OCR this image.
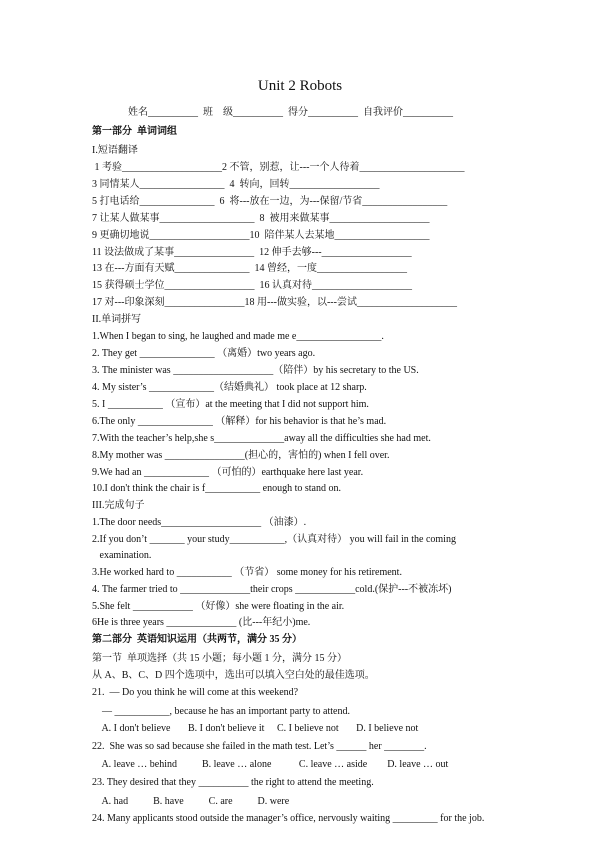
Unit 2 Robots
姓名__________  班    级__________  得分__________  自我评价__________
第一部分  单词词组
I.短语翻译
1 考验____________________2 不管，别惹，让---一个人待着_____________________
3 同情某人_________________  4  转向，回转__________________
5 打电话给_______________  6  将---放在一边，为---保留/节省_________________
7 让某人做某事___________________  8  被用来做某事____________________
9 更确切地说____________________10  陪伴某人去某地___________________
11 设法做成了某事________________  12 伸手去够---__________________
13 在---方面有天赋_______________  14 曾经，一度__________________
15 获得硕士学位__________________  16 认真对待____________________
17 对---印象深刻________________18 用---做实验，以---尝试____________________
II.单词拼写
1.When I began to sing, he laughed and made me e_________________.
2. They get _______________ （离婚）two years ago.
3. The minister was ____________________（陪伴）by his secretary to the US.
4. My sister’s _____________（结婚典礼） took place at 12 sharp.
5. I ___________ （宣布）at the meeting that I did not support him.
6.The only _______________ （解释）for his behavior is that he’s mad.
7.With the teacher’s help,she s______________away all the difficulties she had met.
8.My mother was ________________(担心的，害怕的) when I fell over.
9.We had an _____________ （可怕的）earthquake here last year.
10.I don't think the chair is f___________ enough to stand on.
III.完成句子
1.The door needs____________________ （油漆）.
2.If you don’t _______ your study___________,（认真对待） you will fail in the coming
examination.
3.He worked hard to ___________ （节省） some money for his retirement.
4. The farmer tried to ______________their crops ____________cold.(保护---不被冻坏)
5.She felt ____________ （好像）she were floating in the air.
6He is three years ______________ (比---年纪小)me.
第二部分  英语知识运用（共两节，满分 35 分）
第一节  单项选择（共 15 小题；每小题 1 分，满分 15 分）
从 A、B、C、D 四个选项中，选出可以填入空白处的最佳选项。
21.  — Do you think he will come at this weekend?
— ___________, because he has an important party to attend.
A. I don't believe       B. I don't believe it     C. I believe not       D. I believe not
22.  She was so sad because she failed in the math test. Let’s ______ her ________.
A. leave … behind          B. leave … alone           C. leave … aside        D. leave … out
23. They desired that they __________ the right to attend the meeting.
A. had          B. have          C. are          D. were
24. Many applicants stood outside the manager’s office, nervously waiting _________ for the job.
